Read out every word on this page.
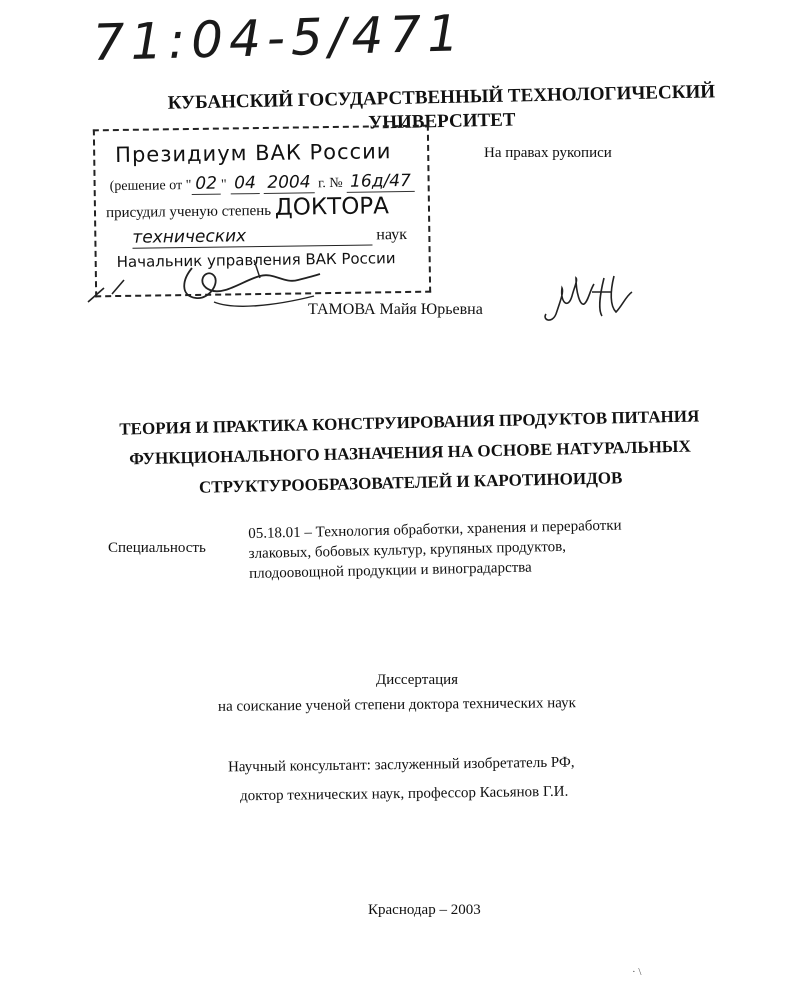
71:04-5/471
КУБАНСКИЙ ГОСУДАРСТВЕННЫЙ ТЕХНОЛОГИЧЕСКИЙ
УНИВЕРСИТЕТ
Президиум ВАК России
(решение от " 02 " 04 2004 г. № 16д/47
присудил ученую степень ДОКТОРА
технических	наук
Начальник управления ВАК России
На правах рукописи
ТАМОВА Майя Юрьевна
ТЕОРИЯ И ПРАКТИКА КОНСТРУИРОВАНИЯ ПРОДУКТОВ ПИТАНИЯ
ФУНКЦИОНАЛЬНОГО НАЗНАЧЕНИЯ НА ОСНОВЕ НАТУРАЛЬНЫХ
СТРУКТУРООБРАЗОВАТЕЛЕЙ И КАРОТИНОИДОВ
Специальность
05.18.01 – Технология обработки, хранения и переработки
злаковых, бобовых культур, крупяных продуктов,
плодоовощной продукции и виноградарства
Диссертация
на соискание ученой степени доктора технических наук
Научный консультант: заслуженный изобретатель РФ,
доктор технических наук, профессор Касьянов Г.И.
Краснодар – 2003
· \
